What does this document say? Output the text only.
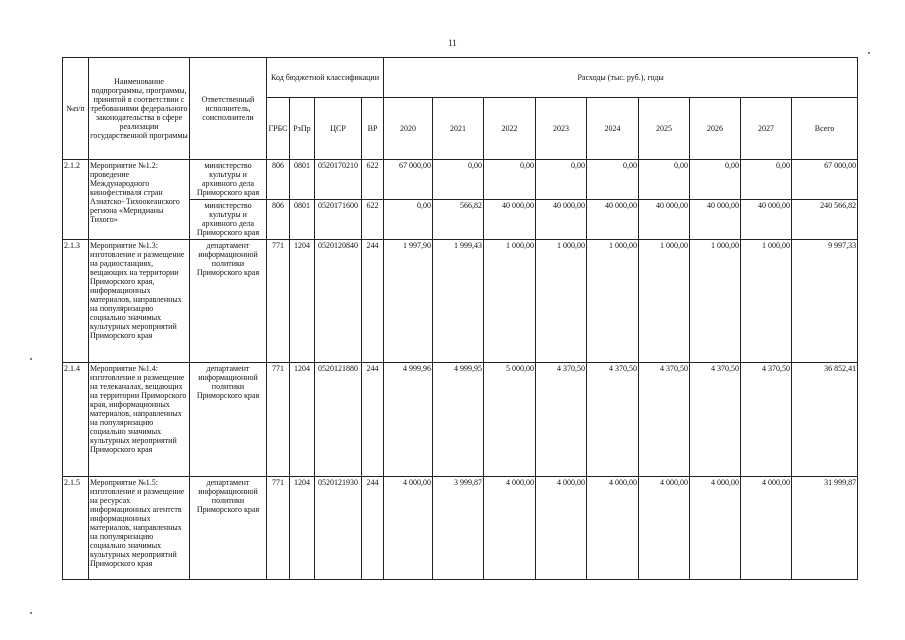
11
№п/п	Наименование подпрограммы, программы, принятой в соответствии с требованиями федерального законодательства в сфере реализации государственной программы	Ответственный исполнитель, соисполнители	Код бюджетной классификации				Расходы (тыс. руб.), годы								
			ГРБС	РзПр	ЦСР	ВР	2020	2021	2022	2023	2024	2025	2026	2027	Всего
2.1.2	Мероприятие №1.2: проведение Международного кинофестиваля стран Азиатско- Тихоокеанского региона «Меридианы Тихого»	министерство культуры и архивного дела Приморского края	806	0801	0520170210	622	67 000,00	0,00	0,00	0,00	0,00	0,00	0,00	0,00	67 000,00
		министерство культуры и архивного дела Приморского края	806	0801	0520171600	622	0,00	566,82	40 000,00	40 000,00	40 000,00	40 000,00	40 000,00	40 000,00	240 566,82
2.1.3	Мероприятие №1.3: изготовление и размещение на радиостанциях, вещающих на территории Приморского края, информационных материалов, направленных на популяризацию социально значимых культурных мероприятий Приморского края	департамент информационной политики Приморского края	771	1204	0520120840	244	1 997,90	1 999,43	1 000,00	1 000,00	1 000,00	1 000,00	1 000,00	1 000,00	9 997,33
2.1.4	Мероприятие №1.4: изготовление и размещение на телеканалах, вещающих на территории Приморского края, информационных материалов, направленных на популяризацию социально значимых культурных мероприятий Приморского края	департамент информационной политики Приморского края	771	1204	0520121880	244	4 999,96	4 999,95	5 000,00	4 370,50	4 370,50	4 370,50	4 370,50	4 370,50	36 852,41
2.1.5	Мероприятие №1.5: изготовление и размещение на ресурсах информационных агентств информационных материалов, направленных на популяризацию социально значимых культурных мероприятий Приморского края	департамент информационной политики Приморского края	771	1204	0520121930	244	4 000,00	3 999,87	4 000,00	4 000,00	4 000,00	4 000,00	4 000,00	4 000,00	31 999,87
